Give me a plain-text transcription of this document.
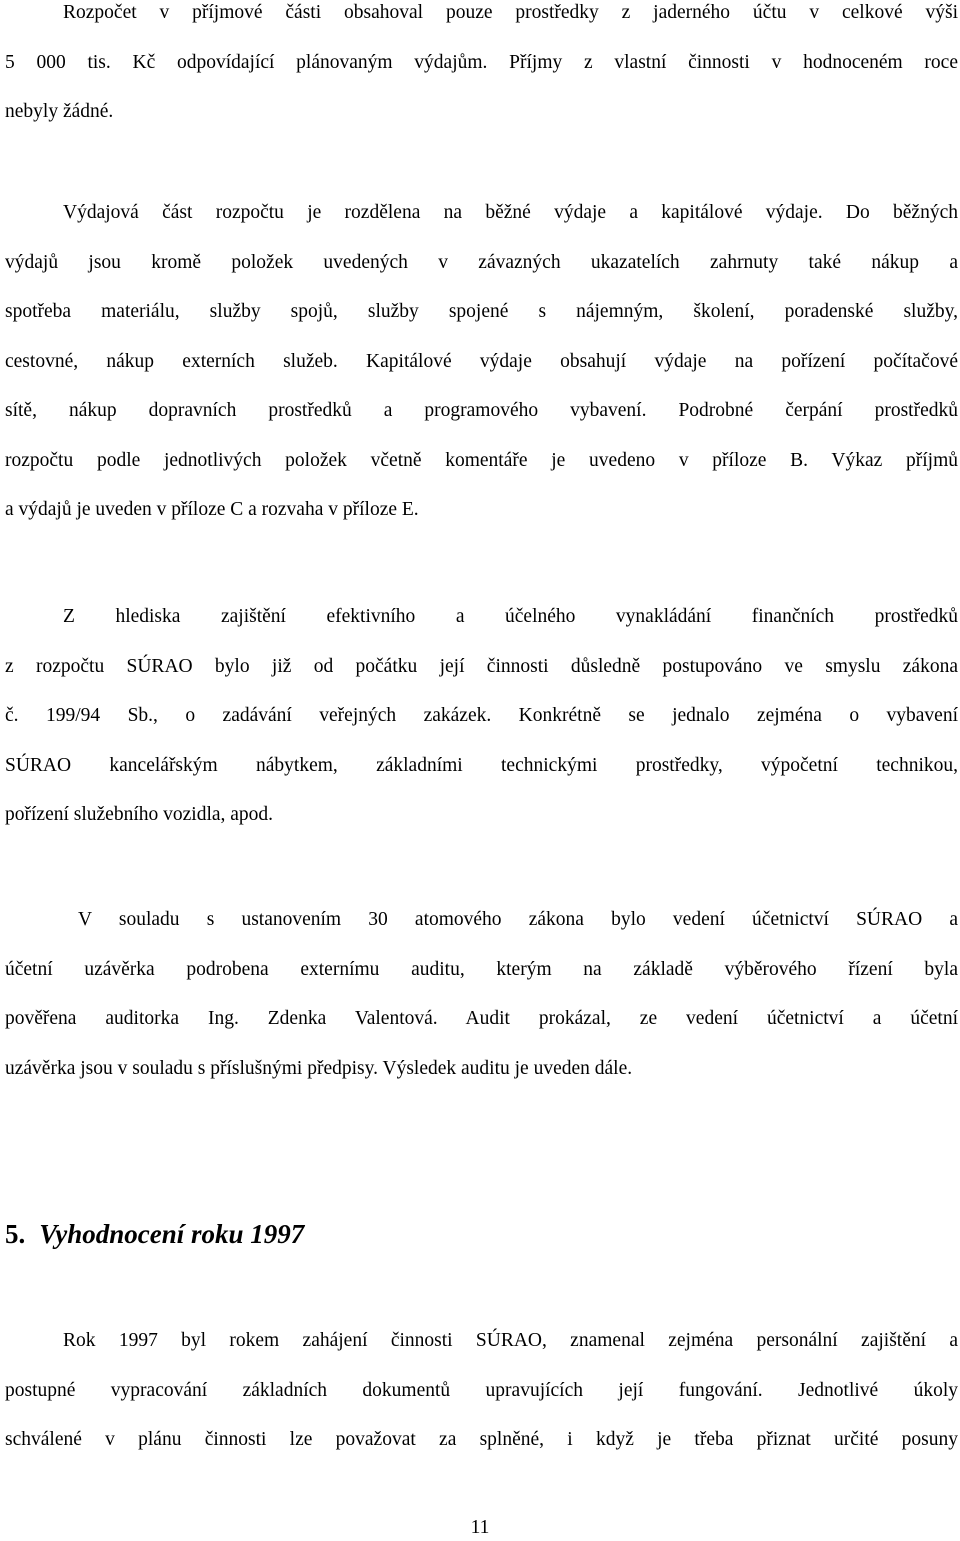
Rozpočet v příjmové části obsahoval pouze prostředky z jaderného účtu v celkové výši
5 000 tis. Kč odpovídající plánovaným výdajům. Příjmy z vlastní činnosti v hodnoceném roce
nebyly žádné.

Výdajová část rozpočtu je rozdělena na běžné výdaje a kapitálové výdaje. Do běžných
výdajů jsou kromě položek uvedených v závazných ukazatelích zahrnuty také nákup a
spotřeba materiálu, služby spojů, služby spojené s nájemným, školení, poradenské služby,
cestovné, nákup externích služeb. Kapitálové výdaje obsahují výdaje na pořízení počítačové
sítě, nákup dopravních prostředků a programového vybavení. Podrobné čerpání prostředků
rozpočtu podle jednotlivých položek včetně komentáře je uvedeno v příloze B. Výkaz příjmů
a výdajů je uveden v příloze C a rozvaha v příloze E.

Z hlediska zajištění efektivního a účelného vynakládání finančních prostředků
z rozpočtu SÚRAO bylo již od počátku její činnosti důsledně postupováno ve smyslu zákona
č. 199/94 Sb., o zadávání veřejných zakázek. Konkrétně se jednalo zejména o vybavení
SÚRAO kancelářským nábytkem, základními technickými prostředky, výpočetní technikou,
pořízení služebního vozidla, apod.

V souladu s ustanovením 30 atomového zákona bylo vedení účetnictví SÚRAO a
účetní uzávěrka podrobena externímu auditu, kterým na základě výběrového řízení byla
pověřena auditorka Ing. Zdenka Valentová. Audit prokázal, ze vedení účetnictví a účetní
uzávěrka jsou v souladu s příslušnými předpisy. Výsledek auditu je uveden dále.

5. Vyhodnocení roku 1997

Rok 1997 byl rokem zahájení činnosti SÚRAO, znamenal zejména personální zajištění a
postupné vypracování základních dokumentů upravujících její fungování. Jednotlivé úkoly
schválené v plánu činnosti lze považovat za splněné, i když je třeba přiznat určité posuny

11
